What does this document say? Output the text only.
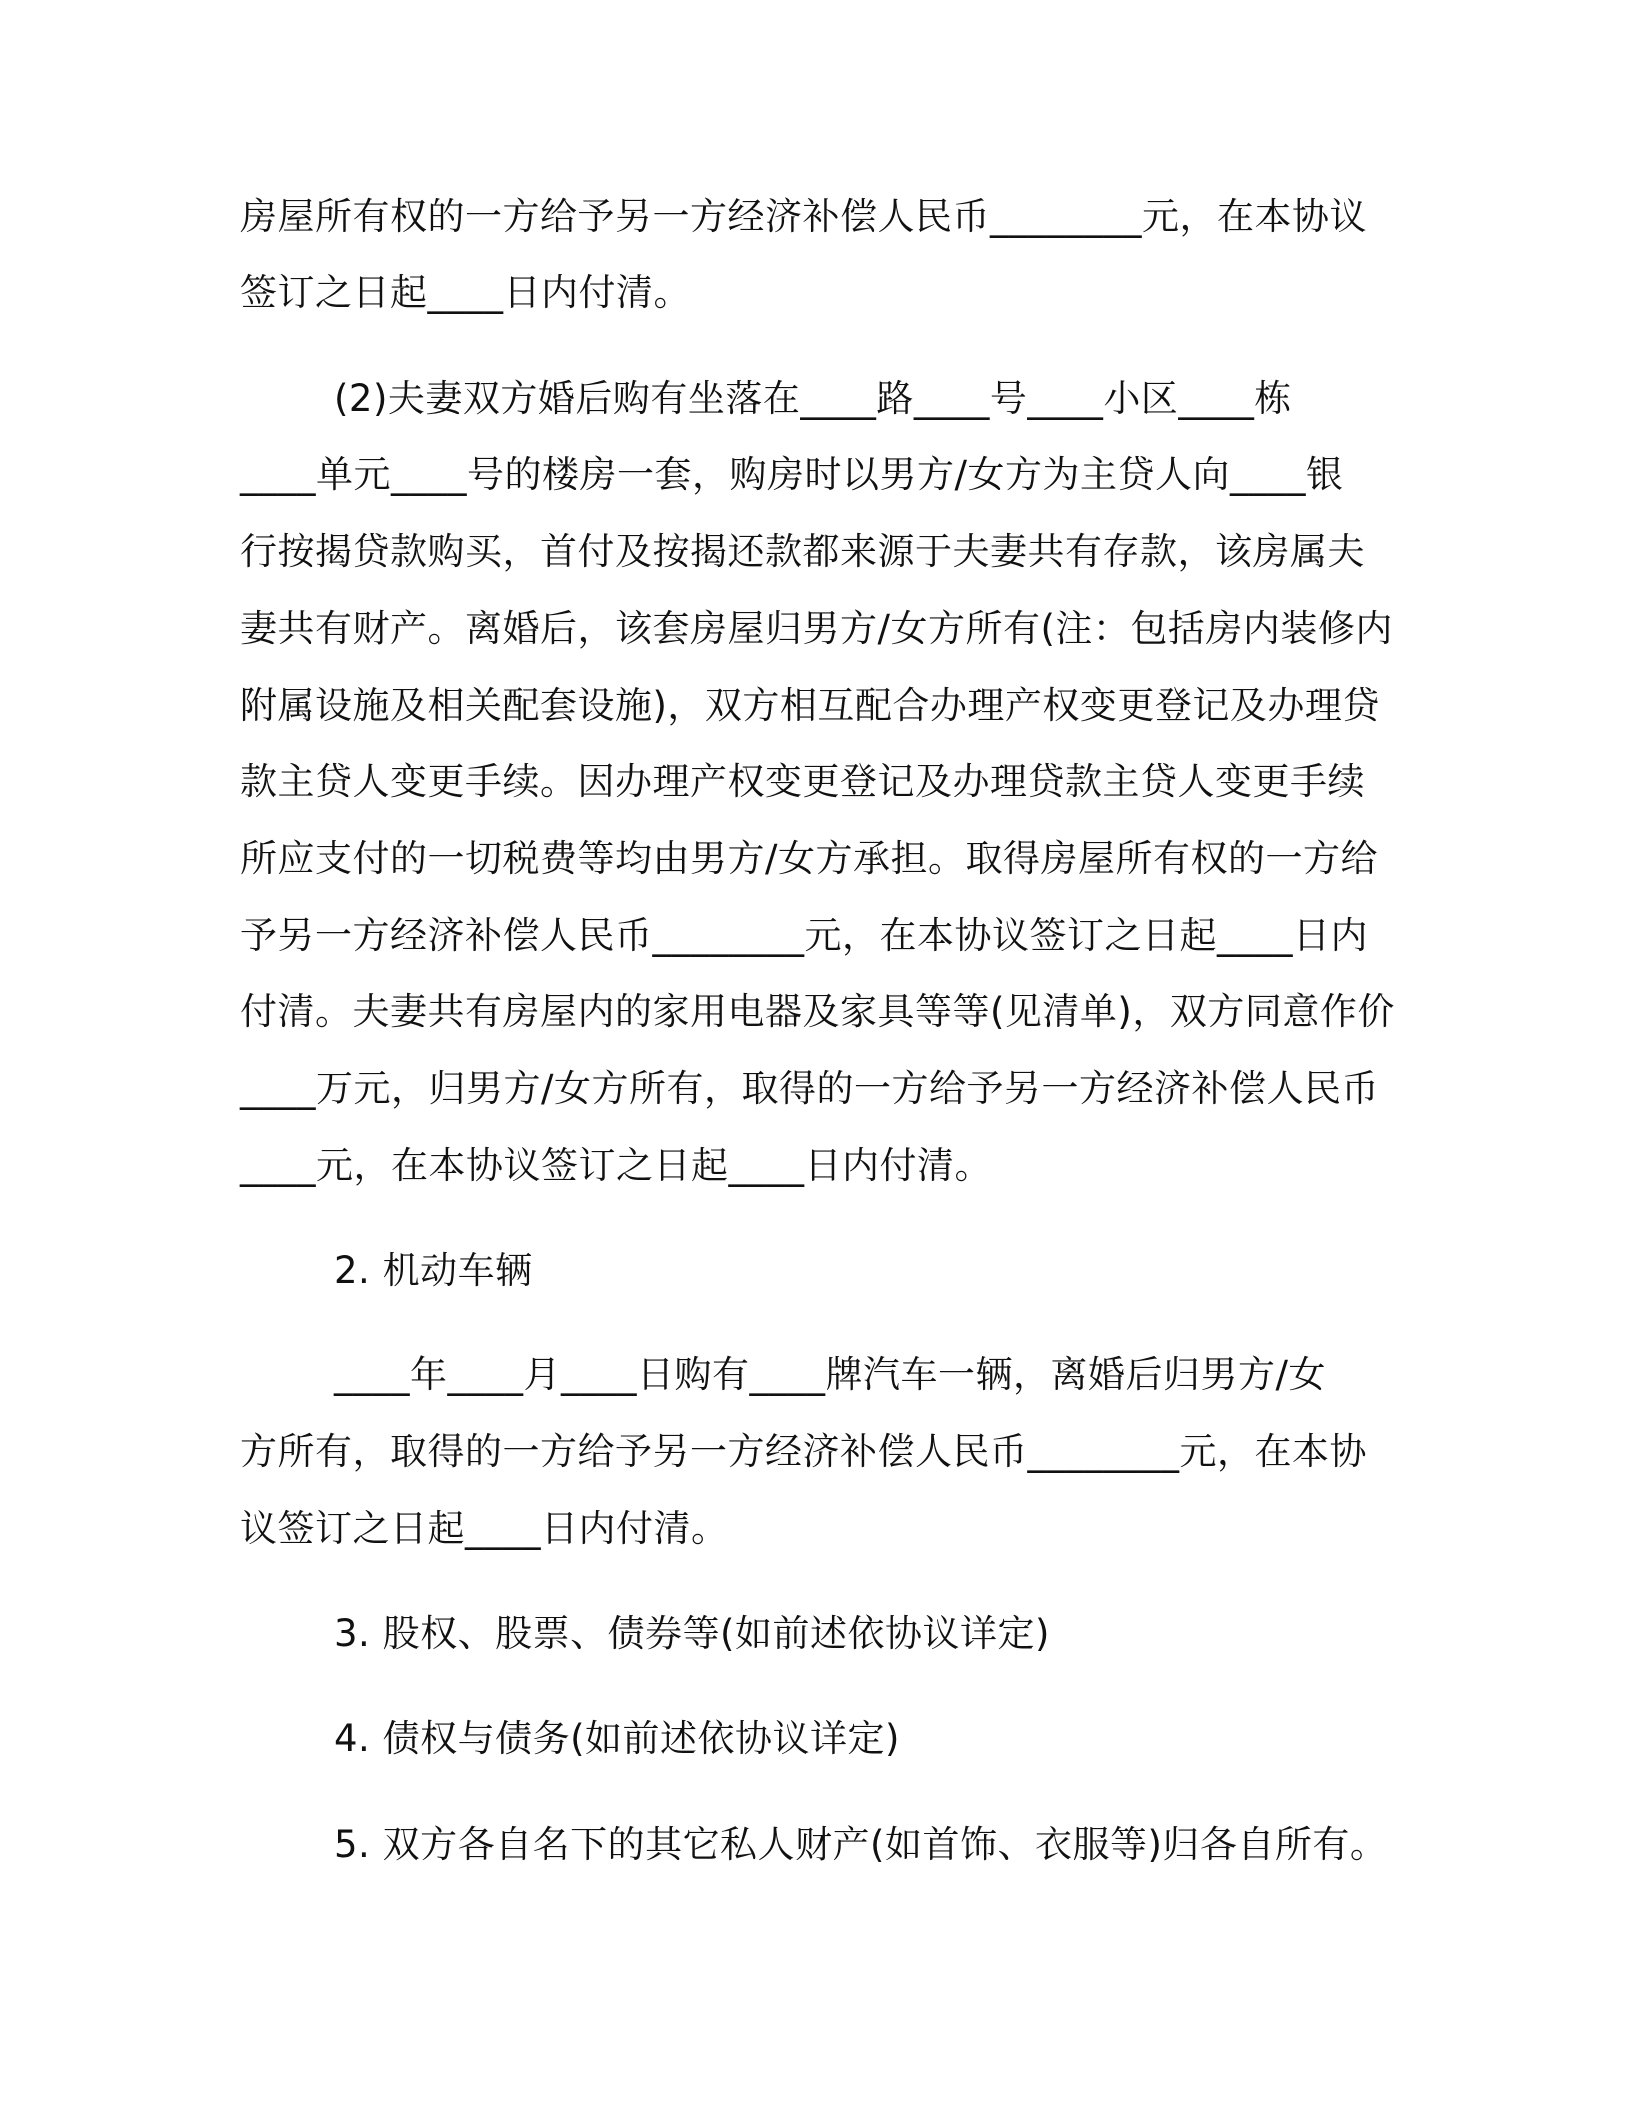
房屋所有权的一方给予另一方经济补偿人民币________元，在本协议
签订之日起____日内付清。
(2)夫妻双方婚后购有坐落在____路____号____小区____栋
____单元____号的楼房一套，购房时以男方/女方为主贷人向____银
行按揭贷款购买，首付及按揭还款都来源于夫妻共有存款，该房属夫
妻共有财产。离婚后，该套房屋归男方/女方所有(注：包括房内装修内
附属设施及相关配套设施)，双方相互配合办理产权变更登记及办理贷
款主贷人变更手续。因办理产权变更登记及办理贷款主贷人变更手续
所应支付的一切税费等均由男方/女方承担。取得房屋所有权的一方给
予另一方经济补偿人民币________元，在本协议签订之日起____日内
付清。夫妻共有房屋内的家用电器及家具等等(见清单)，双方同意作价
____万元，归男方/女方所有，取得的一方给予另一方经济补偿人民币
____元，在本协议签订之日起____日内付清。
2. 机动车辆
____年____月____日购有____牌汽车一辆，离婚后归男方/女
方所有，取得的一方给予另一方经济补偿人民币________元，在本协
议签订之日起____日内付清。
3. 股权、股票、债券等(如前述依协议详定)
4. 债权与债务(如前述依协议详定)
5. 双方各自名下的其它私人财产(如首饰、衣服等)归各自所有。
